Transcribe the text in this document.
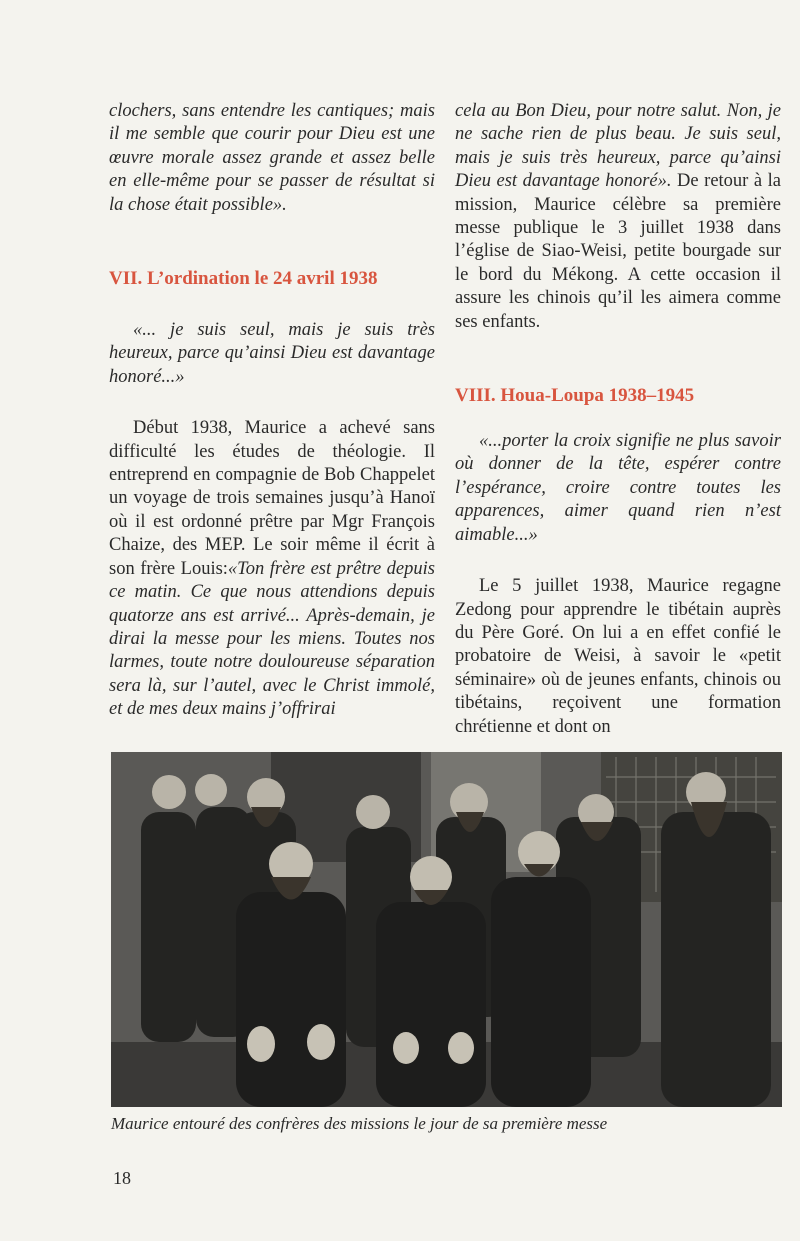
clochers, sans entendre les cantiques; mais il me semble que courir pour Dieu est une œuvre morale assez grande et assez belle en elle-même pour se passer de résultat si la chose était possible».

VII. L’ordination le 24 avril 1938

«... je suis seul, mais je suis très heureux, parce qu’ainsi Dieu est davantage honoré...»

Début 1938, Maurice a achevé sans difficulté les études de théologie. Il entreprend en compagnie de Bob Chappelet un voyage de trois semaines jusqu’à Hanoï où il est ordonné prêtre par Mgr François Chaize, des MEP. Le soir même il écrit à son frère Louis:«Ton frère est prêtre depuis ce matin. Ce que nous attendions depuis quatorze ans est arrivé... Après-demain, je dirai la messe pour les miens. Toutes nos larmes, toute notre douloureuse séparation sera là, sur l’autel, avec le Christ immolé, et de mes deux mains j’offrirai

cela au Bon Dieu, pour notre salut. Non, je ne sache rien de plus beau. Je suis seul, mais je suis très heureux, parce qu’ainsi Dieu est davantage honoré». De retour à la mission, Maurice célèbre sa première messe publique le 3 juillet 1938 dans l’église de Siao-Weisi, petite bourgade sur le bord du Mékong. A cette occasion il assure les chinois qu’il les aimera comme ses enfants.

VIII. Houa-Loupa 1938–1945

«...porter la croix signifie ne plus savoir où donner de la tête, espérer contre l’espérance, croire contre toutes les apparences, aimer quand rien n’est aimable...»

Le 5 juillet 1938, Maurice regagne Zedong pour apprendre le tibétain auprès du Père Goré. On lui a en effet confié le probatoire de Weisi, à savoir le «petit séminaire» où de jeunes enfants, chinois ou tibétains, reçoivent une formation chrétienne et dont on

Maurice entouré des confrères des missions le jour de sa première messe
18
